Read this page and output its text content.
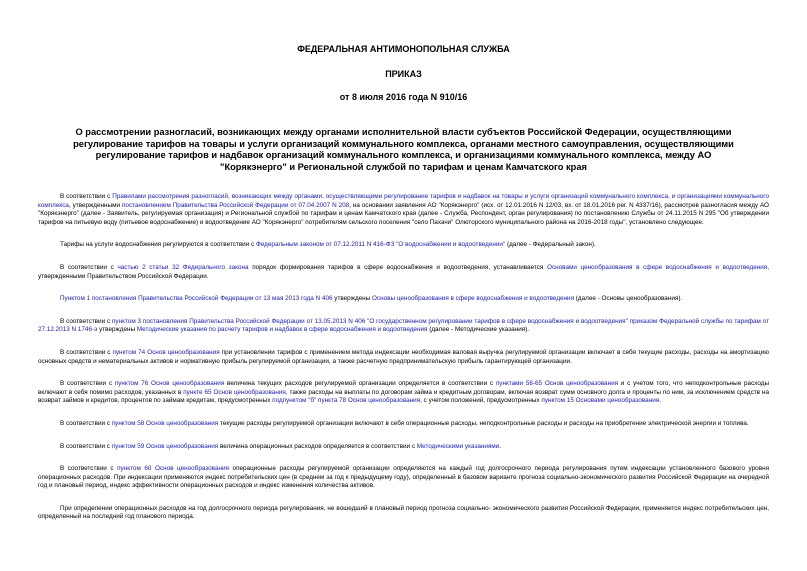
ФЕДЕРАЛЬНАЯ АНТИМОНОПОЛЬНАЯ СЛУЖБА
ПРИКАЗ
от 8 июля 2016 года N 910/16
О рассмотрении разногласий, возникающих между органами исполнительной власти субъектов Российской Федерации, осуществляющими регулирование тарифов на товары и услуги организаций коммунального комплекса, органами местного самоуправления, осуществляющими регулирование тарифов и надбавок организаций коммунального комплекса, и организациями коммунального комплекса, между АО "Корякэнерго" и Региональной службой по тарифам и ценам Камчатского края

В соответствии с Правилами рассмотрения разногласий, возникающих между органами, осуществляющими регулирование тарифов и надбавок на товары и услуги организаций коммунального комплекса, и организациями коммунального комплекса, утвержденными постановлением Правительства Российской Федерации от 07.04.2007 N 208, на основании заявления АО "Корякэнерго" (исх. от 12.01.2016 N 12/03, вх. от 18.01.2016 рег. N 4337/16), рассмотрев разногласия между АО "Корякэнерго" (далее - Заявитель, регулируемая организация) и Региональной службой по тарифам и ценам Камчатского края (далее - Служба, Респондент, орган регулирования) по постановлению Службы от 24.11.2015 N 295 "Об утверждении тарифов на питьевую воду (питьевое водоснабжение) и водоотведение АО "Корякэнерго" потребителям сельского поселения "село Пахачи" Олюторского муниципального района на 2016-2018 годы", установлено следующее.

Тарифы на услуги водоснабжения регулируются в соответствии с Федеральным законом от 07.12.2011 N 416-ФЗ "О водоснабжении и водоотведении" (далее - Федеральный закон).

В соответствии с частью 2 статьи 32 Федерального закона порядок формирования тарифов в сфере водоснабжения и водоотведения, устанавливается Основами ценообразования в сфере водоснабжения и водоотведения, утвержденными Правительством Российской Федерации.

Пунктом 1 постановления Правительства Российской Федерации от 13 мая 2013 года N 406 утверждены Основы ценообразования в сфере водоснабжения и водоотведения (далее - Основы ценообразования).

В соответствии с пунктом 3 постановления Правительства Российской Федерации от 13.05.2013 N 406 "О государственном регулировании тарифов в сфере водоснабжения и водоотведения" приказом Федеральной службы по тарифам от 27.12.2013 N 1746-э утверждены Методические указания по расчету тарифов и надбавок в сфере водоснабжения и водоотведения (далее - Методические указания).

В соответствии с пунктом 74 Основ ценообразования при установлении тарифов с применением метода индексации необходимая валовая выручка регулируемой организации включает в себя текущие расходы, расходы на амортизацию основных средств и нематериальных активов и нормативную прибыль регулируемой организации, а также расчетную предпринимательскую прибыль гарантирующей организации.

В соответствии с пунктом 76 Основ ценообразования величина текущих расходов регулируемой организации определяется в соответствии с пунктами 58-65 Основ ценообразования и с учетом того, что неподконтрольные расходы включают в себя помимо расходов, указанных в пункте 65 Основ ценообразования, также расходы на выплаты по договорам займа и кредитным договорам, включая возврат сумм основного долга и проценты по ним, за исключением средств на возврат займов и кредитов, процентов по займам кредитам, предусмотренных подпунктом "б" пункта 78 Основ ценообразования, с учетом положений, предусмотренных пунктом 15 Основами ценообразования.

В соответствии с пунктом 58 Основ ценообразования текущие расходы регулируемой организации включают в себя операционные расходы, неподконтрольные расходы и расходы на приобретение электрической энергии и топлива.

В соответствии с пунктом 59 Основ ценообразования величина операционных расходов определяется в соответствии с Методическими указаниями.

В соответствии с пунктом 60 Основ ценообразования операционные расходы регулируемой организации определяются на каждый год долгосрочного периода регулирования путем индексации установленного базового уровня операционных расходов. При индексации применяются индекс потребительских цен (в среднем за год к предыдущему году), определенный в базовом варианте прогноза социально-экономического развития Российской Федерации на очередной год и плановый период, индекс эффективности операционных расходов и индекс изменения количества активов.

При определении операционных расходов на год долгосрочного периода регулирования, не вошедший в плановый период прогноза социально- экономического развития Российской Федерации, применяется индекс потребительских цен, определенный на последний год планового периода.
